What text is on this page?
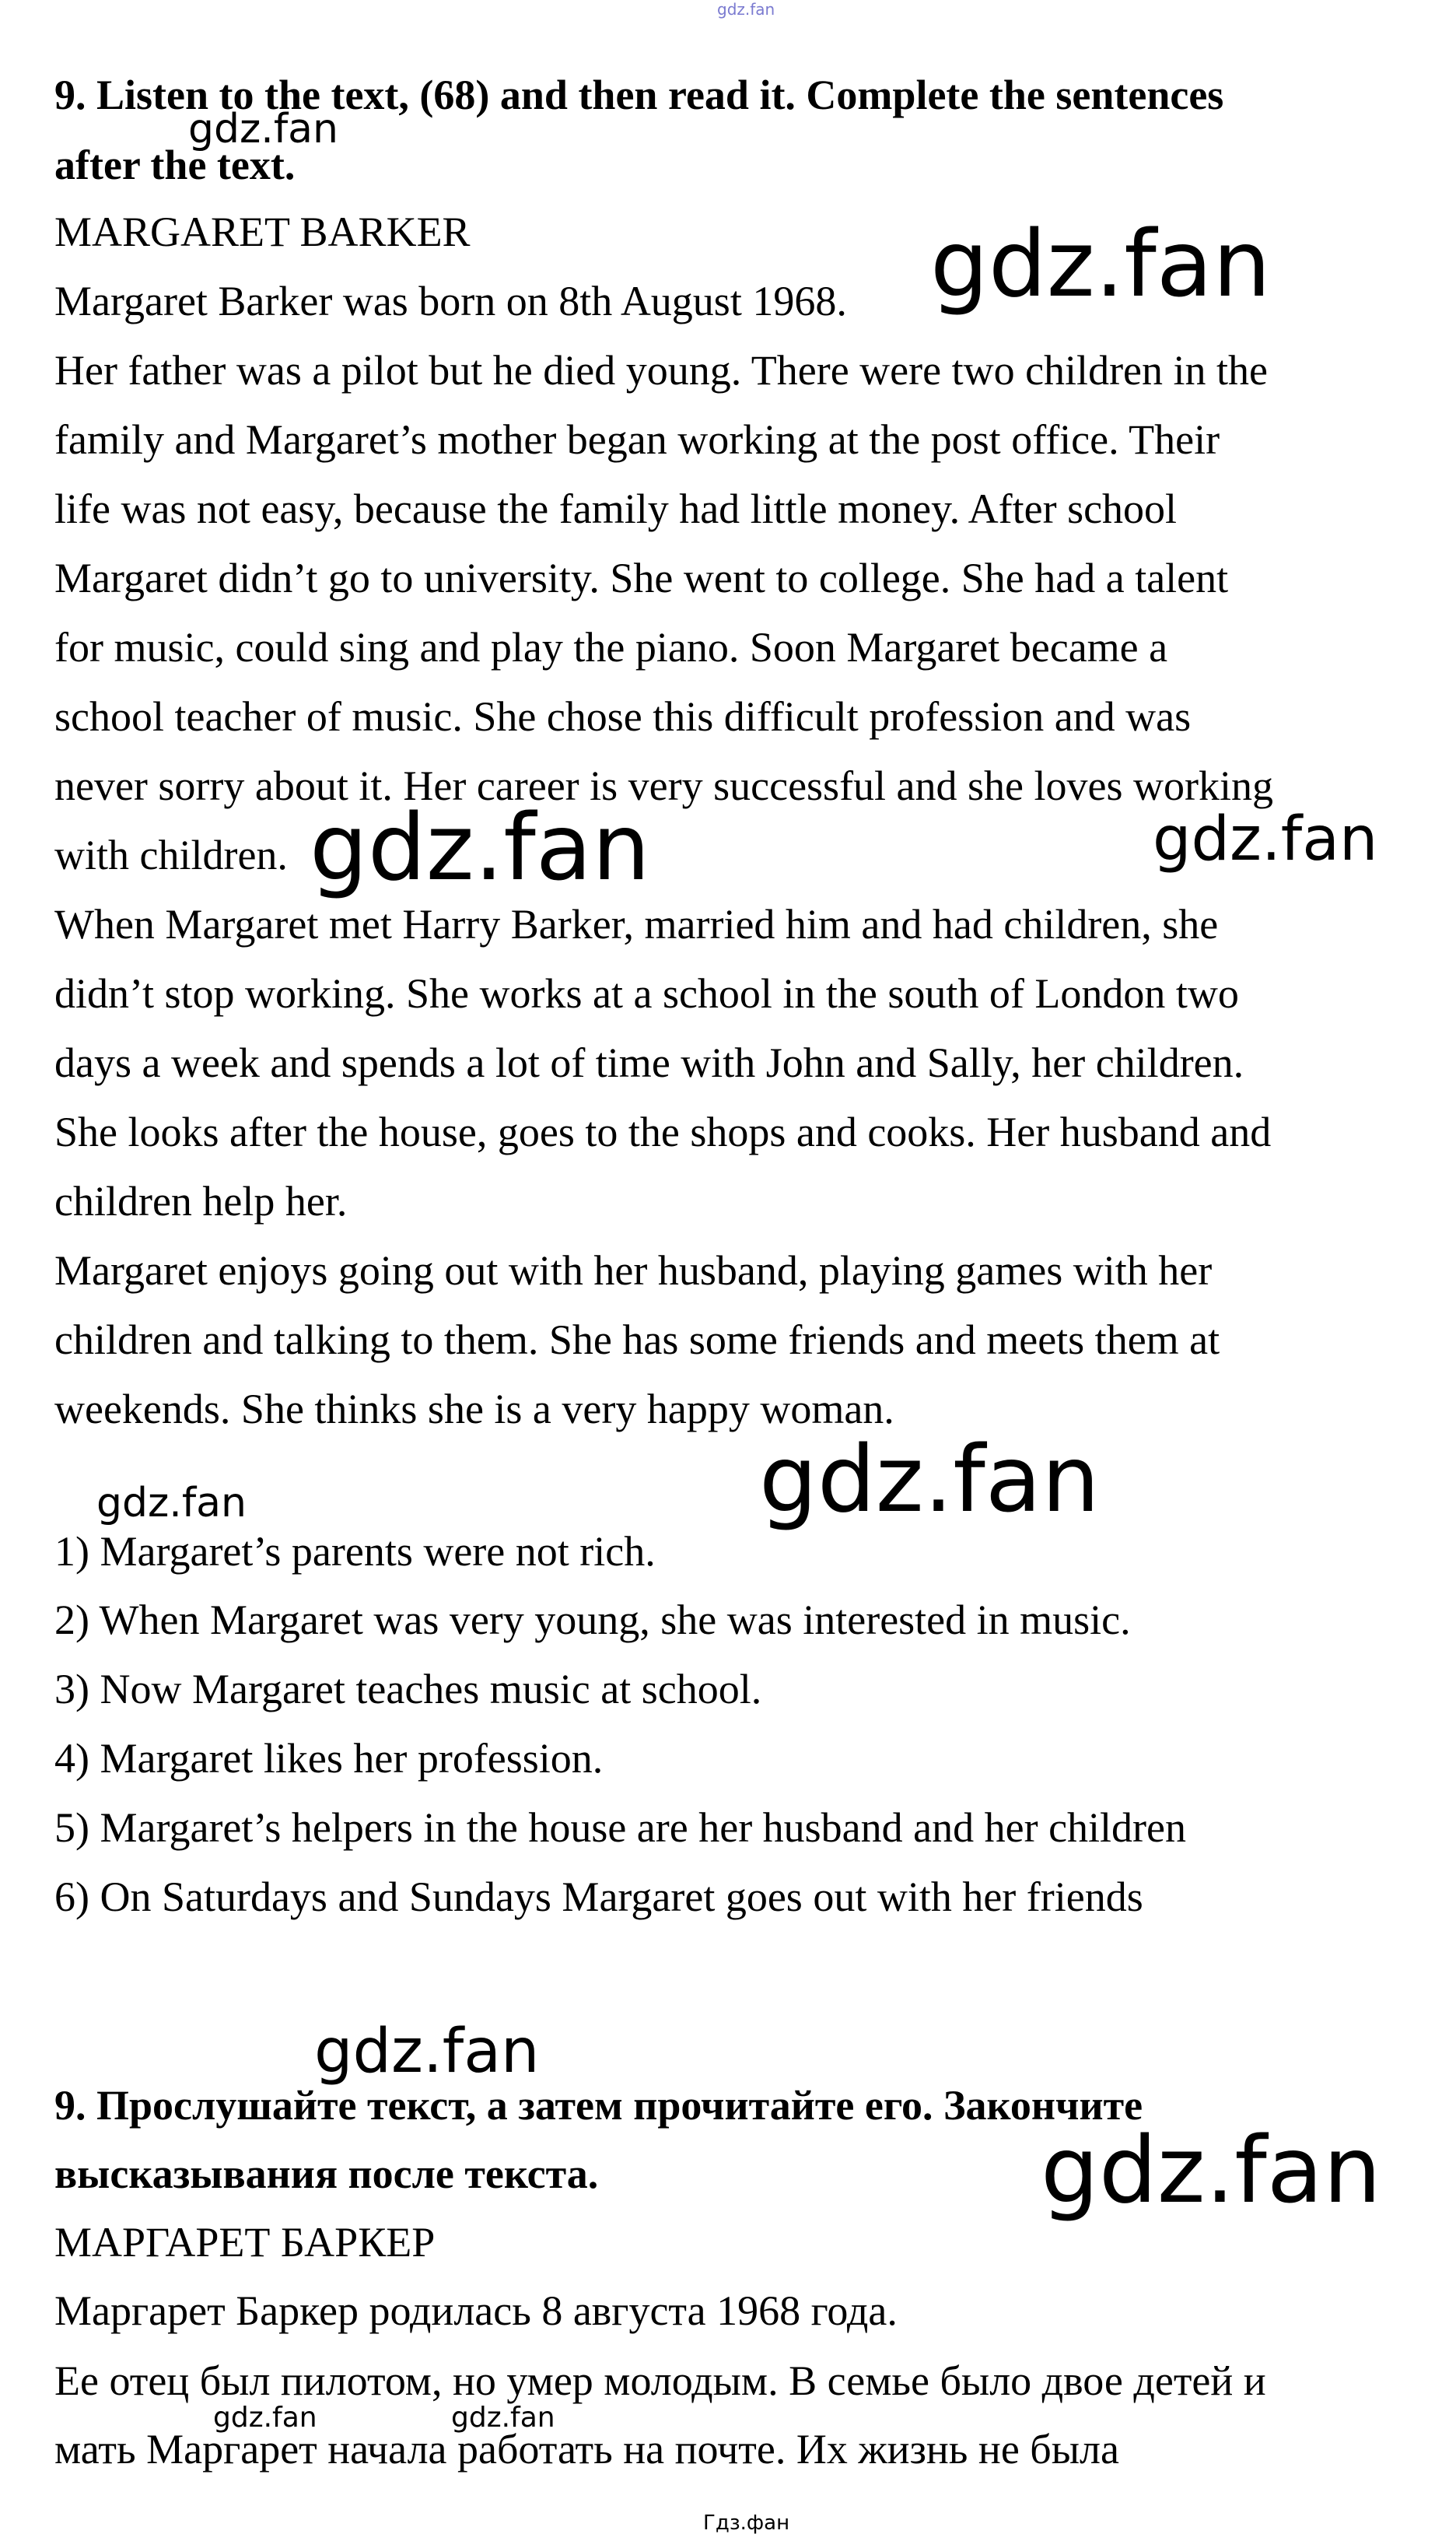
9. Listen to the text, (68) and then read it. Complete the sentences
after the text.
MARGARET BARKER
Margaret Barker was born on 8th August 1968.
Her father was a pilot but he died young. There were two children in the
family and Margaret’s mother began working at the post office. Their
life was not easy, because the family had little money. After school
Margaret didn’t go to university. She went to college. She had a talent
for music, could sing and play the piano. Soon Margaret became a
school teacher of music. She chose this difficult profession and was
never sorry about it. Her career is very successful and she loves working
with children.
When Margaret met Harry Barker, married him and had children, she
didn’t stop working. She works at a school in the south of London two
days a week and spends a lot of time with John and Sally, her children.
She looks after the house, goes to the shops and cooks. Her husband and
children help her.
Margaret enjoys going out with her husband, playing games with her
children and talking to them. She has some friends and meets them at
weekends. She thinks she is a very happy woman.
1) Margaret’s parents were not rich.
2) When Margaret was very young, she was interested in music.
3) Now Margaret teaches music at school.
4) Margaret likes her profession.
5) Margaret’s helpers in the house are her husband and her children
6) On Saturdays and Sundays Margaret goes out with her friends
9. Прослушайте текст, а затем прочитайте его. Закончите
высказывания после текста.
МАРГАРЕТ БАРКЕР
Маргарет Баркер родилась 8 августа 1968 года.
Ее отец был пилотом, но умер молодым. В семье было двое детей и
мать Маргарет начала работать на почте. Их жизнь не была
gdz.fan
gdz.fan
gdz.fan
gdz.fan	gdz.fan
gdz.fan
gdz.fan
gdz.fan
gdz.fan
gdz.fan	gdz.fan
Гдз.фан
